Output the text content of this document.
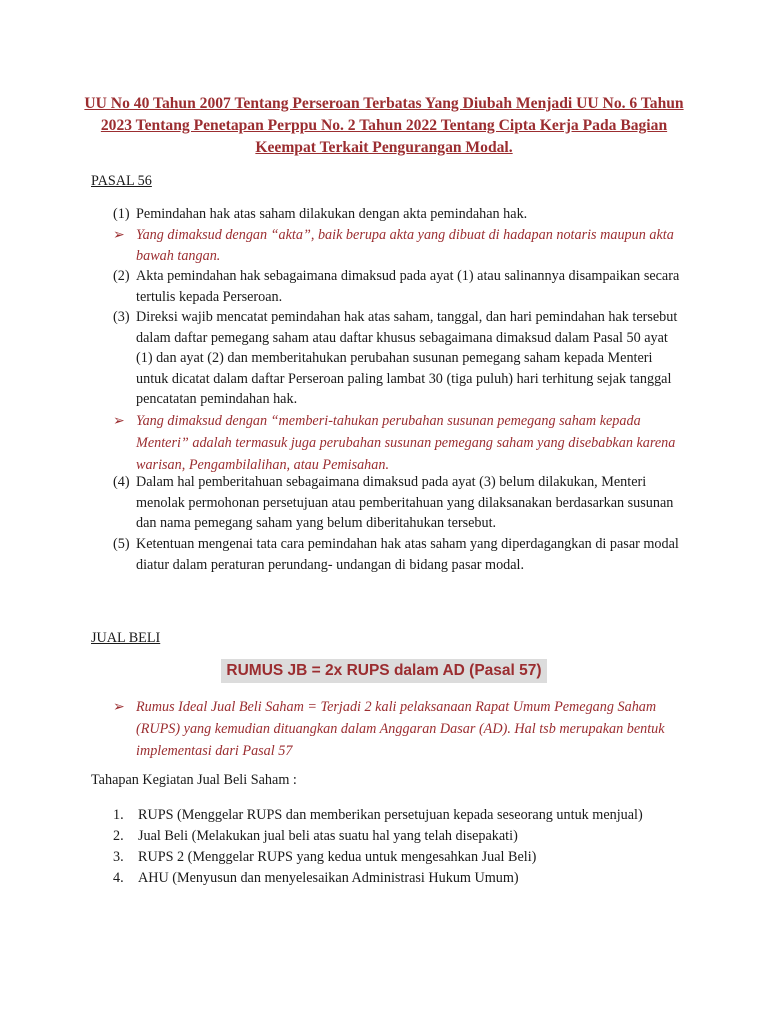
UU No 40 Tahun 2007 Tentang Perseroan Terbatas Yang Diubah Menjadi UU No. 6 Tahun 2023 Tentang Penetapan Perppu No. 2 Tahun 2022 Tentang Cipta Kerja Pada Bagian Keempat Terkait Pengurangan Modal.
PASAL 56
(1) Pemindahan hak atas saham dilakukan dengan akta pemindahan hak.
➢ Yang dimaksud dengan “akta”, baik berupa akta yang dibuat di hadapan notaris maupun akta bawah tangan.
(2) Akta pemindahan hak sebagaimana dimaksud pada ayat (1) atau salinannya disampaikan secara tertulis kepada Perseroan.
(3) Direksi wajib mencatat pemindahan hak atas saham, tanggal, dan hari pemindahan hak tersebut dalam daftar pemegang saham atau daftar khusus sebagaimana dimaksud dalam Pasal 50 ayat (1) dan ayat (2) dan memberitahukan perubahan susunan pemegang saham kepada Menteri untuk dicatat dalam daftar Perseroan paling lambat 30 (tiga puluh) hari terhitung sejak tanggal pencatatan pemindahan hak.
➢ Yang dimaksud dengan “memberi-tahukan perubahan susunan pemegang saham kepada Menteri” adalah termasuk juga perubahan susunan pemegang saham yang disebabkan karena warisan, Pengambilalihan, atau Pemisahan.
(4) Dalam hal pemberitahuan sebagaimana dimaksud pada ayat (3) belum dilakukan, Menteri menolak permohonan persetujuan atau pemberitahuan yang dilaksanakan berdasarkan susunan dan nama pemegang saham yang belum diberitahukan tersebut.
(5) Ketentuan mengenai tata cara pemindahan hak atas saham yang diperdagangkan di pasar modal diatur dalam peraturan perundang- undangan di bidang pasar modal.
JUAL BELI
RUMUS JB = 2x RUPS dalam AD (Pasal 57)
➢ Rumus Ideal Jual Beli Saham = Terjadi 2 kali pelaksanaan Rapat Umum Pemegang Saham (RUPS) yang kemudian dituangkan dalam Anggaran Dasar (AD). Hal tsb merupakan bentuk implementasi dari Pasal 57
Tahapan Kegiatan Jual Beli Saham :
1.	RUPS (Menggelar RUPS dan memberikan persetujuan kepada seseorang untuk menjual)
2.	Jual Beli (Melakukan jual beli atas suatu hal yang telah disepakati)
3.	RUPS 2 (Menggelar RUPS yang kedua untuk mengesahkan Jual Beli)
4.	AHU (Menyusun dan menyelesaikan Administrasi Hukum Umum)
